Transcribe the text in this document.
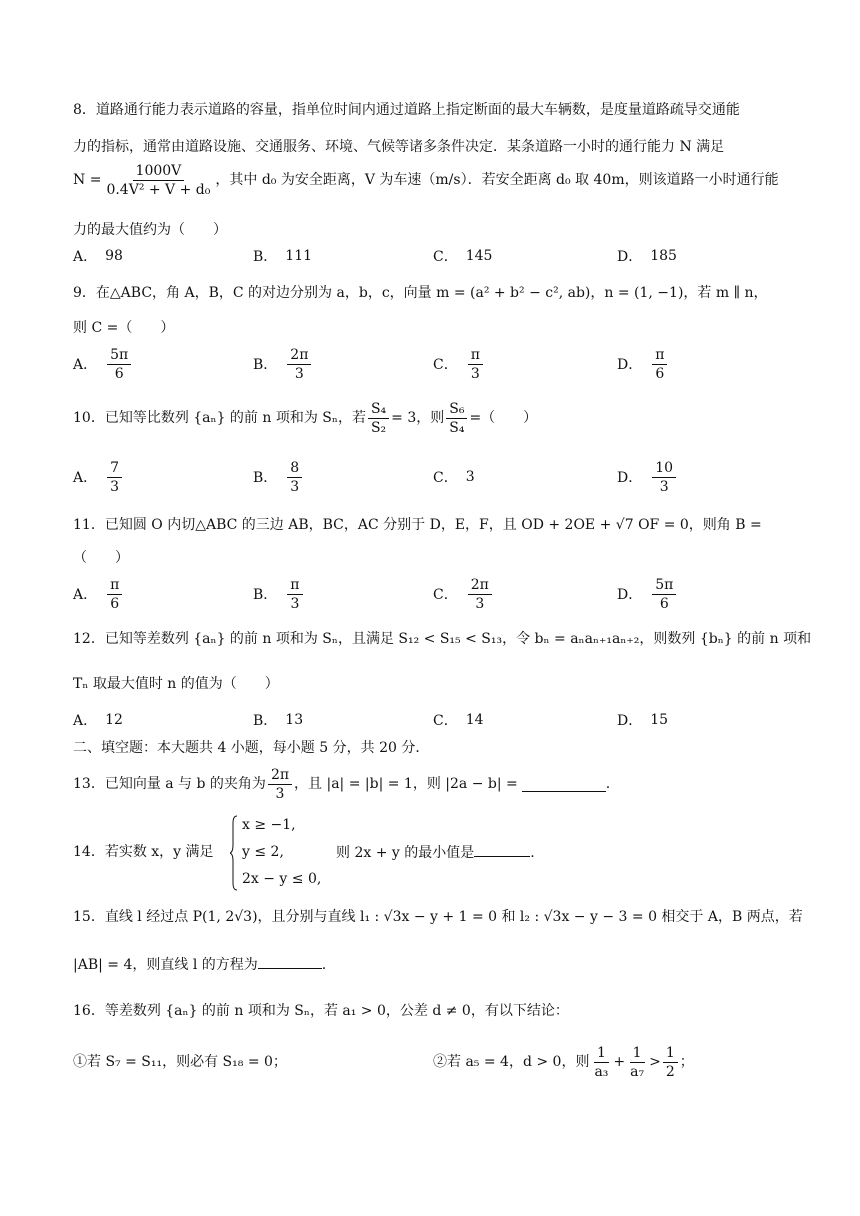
8．道路通行能力表示道路的容量，指单位时间内通过道路上指定断面的最大车辆数，是度量道路疏导交通能
力的指标，通常由道路设施、交通服务、环境、气候等诸多条件决定．某条道路一小时的通行能力 N 满足
$N = \frac{1000V}{\text{0.4V² + V + d₀}}$ ，其中 d₀ 为安全距离，V 为车速（m/s）．若安全距离 d₀ 取 40m，则该道路一小时通行能
力的最大值约为（　　）
A． 98	B． 111	C． 145	D． 185
9．在△ABC，角 A，B，C 的对边分别为 a，b，c，向量 m = (a² + b² − c², ab)，n = (1, −1)，若 m ∥ n，
则 C =（　　）
A． $\frac{5\pi}{6}$	B． $\frac{2\pi}{3}$	C． $\frac{\pi}{3}$	D． $\frac{\pi}{6}$
10．已知等比数列 {aₙ} 的前 n 项和为 Sₙ，若 $\frac{\text{S₄}}{\text{S₂}} = 3$，则 $\frac{\text{S₆}}{\text{S₄}}$ =（　　）
A． $\frac{7}{3}$	B． $\frac{8}{3}$	C． 3	D． $\frac{10}{3}$
11．已知圆 O 内切△ABC 的三边 AB，BC，AC 分别于 D，E，F，且 OD + 2OE + √7 OF = 0，则角 B =
（　　）
A． $\frac{\pi}{6}$	B． $\frac{\pi}{3}$	C． $\frac{2\pi}{3}$	D． $\frac{5\pi}{6}$
12．已知等差数列 {aₙ} 的前 n 项和为 Sₙ，且满足 S₁₂ < S₁₅ < S₁₃，令 bₙ = aₙaₙ₊₁aₙ₊₂，则数列 {bₙ} 的前 n 项和
Tₙ 取最大值时 n 的值为（　　）
A． 12	B． 13	C． 14	D． 15
二、填空题：本大题共 4 小题，每小题 5 分，共 20 分．
13．已知向量 a 与 b 的夹角为 $\frac{2\pi}{3}$ ，且 |a| = |b| = 1，则 |2a − b| =	.
14．若实数 x，y 满足
x ≥ −1,
y ≤ 2,
2x − y ≤ 0,
则 2x + y 的最小值是	.
15．直线 l 经过点 P(1, 2√3)，且分别与直线 l₁ : √3x − y + 1 = 0 和 l₂ : √3x − y − 3 = 0 相交于 A，B 两点，若
|AB| = 4，则直线 l 的方程为	.
16．等差数列 {aₙ} 的前 n 项和为 Sₙ，若 a₁ > 0，公差 d ≠ 0，有以下结论：
①若 S₇ = S₁₁，则必有 S₁₈ = 0；	②若 a₅ = 4，d > 0，则 $\frac{1}{\text{a₃}} + \frac{1}{\text{a₇}} > \frac{1}{2}$ ；
